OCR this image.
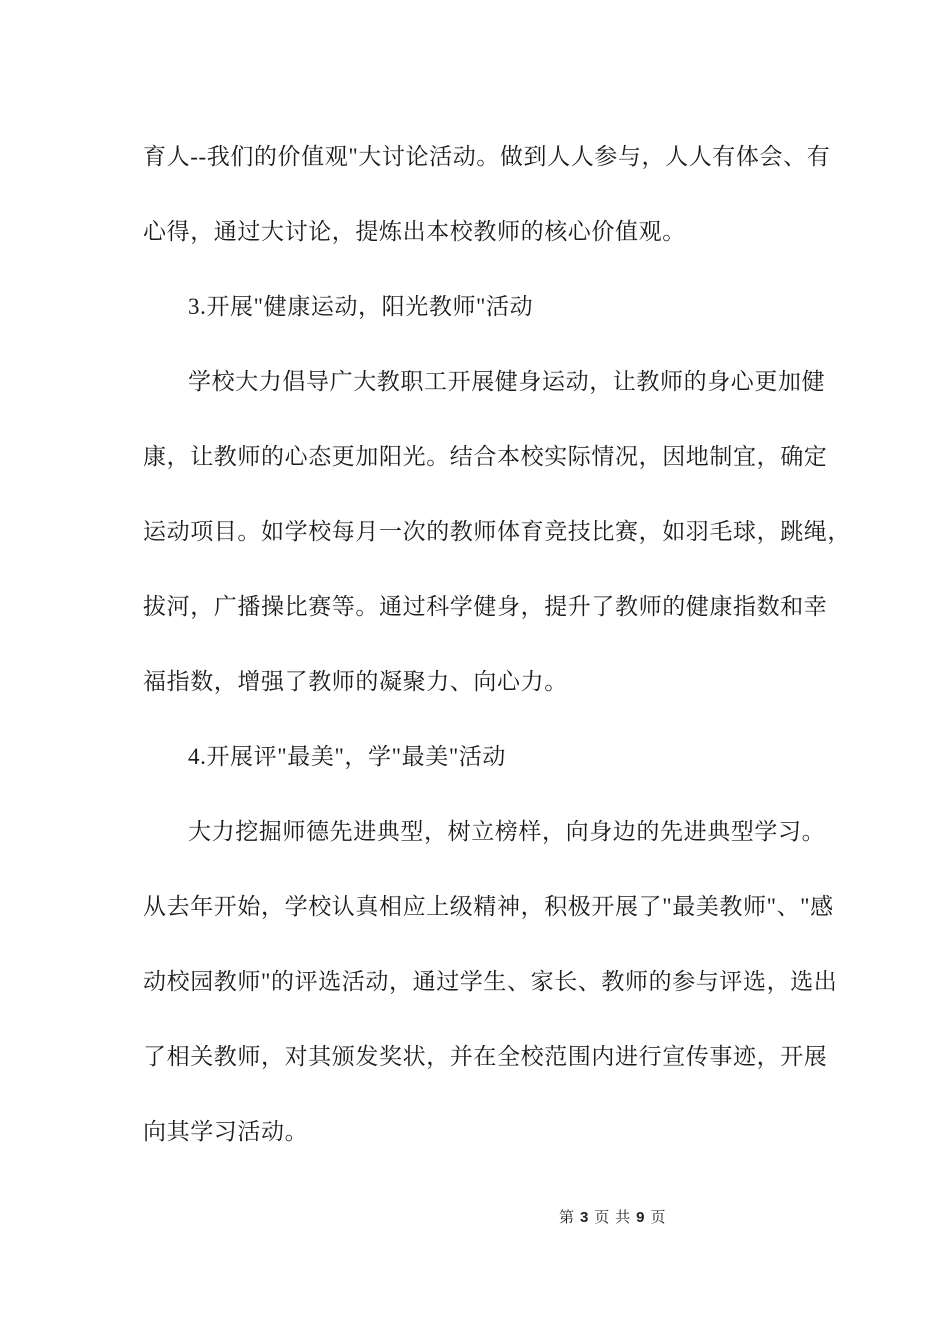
育人--我们的价值观"大讨论活动。做到人人参与，人人有体会、有
心得，通过大讨论，提炼出本校教师的核心价值观。
3.开展"健康运动，阳光教师"活动
学校大力倡导广大教职工开展健身运动，让教师的身心更加健
康，让教师的心态更加阳光。结合本校实际情况，因地制宜，确定
运动项目。如学校每月一次的教师体育竞技比赛，如羽毛球，跳绳，
拔河，广播操比赛等。通过科学健身，提升了教师的健康指数和幸
福指数，增强了教师的凝聚力、向心力。
4.开展评"最美"，学"最美"活动
大力挖掘师德先进典型，树立榜样，向身边的先进典型学习。
从去年开始，学校认真相应上级精神，积极开展了"最美教师"、"感
动校园教师"的评选活动，通过学生、家长、教师的参与评选，选出
了相关教师，对其颁发奖状，并在全校范围内进行宣传事迹，开展
向其学习活动。
第 3 页 共 9 页
